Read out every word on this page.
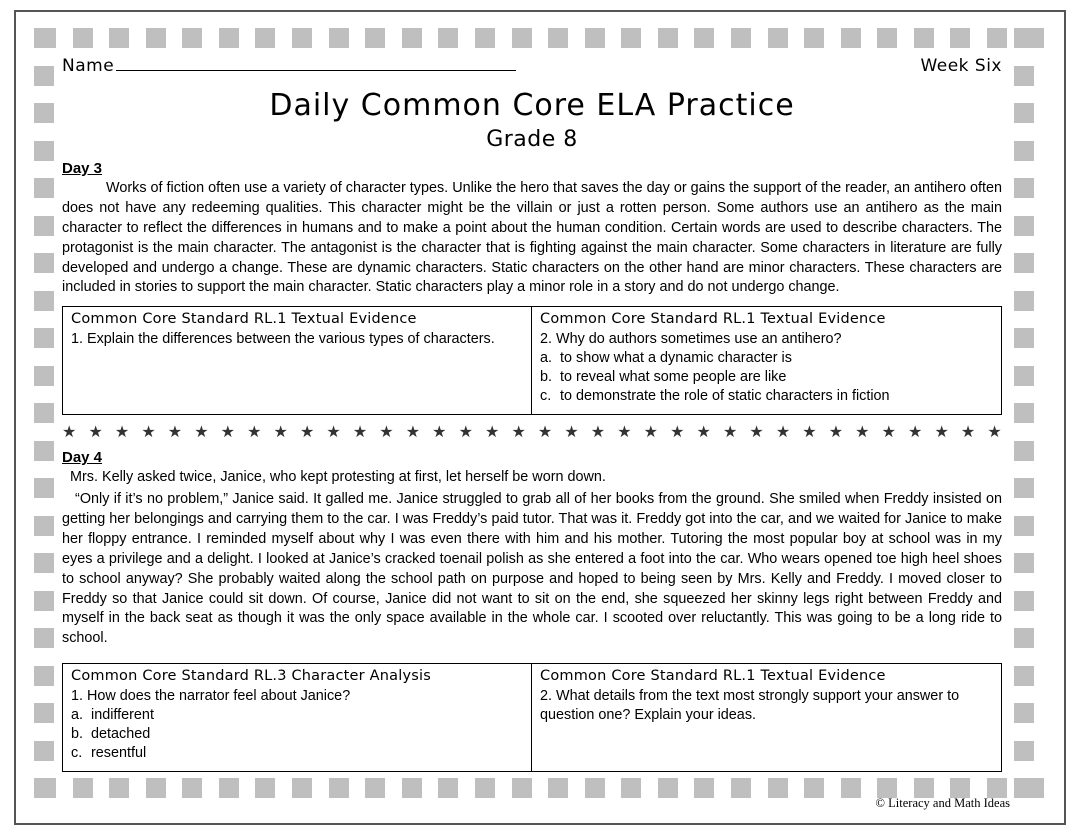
Name	Week Six
Daily Common Core ELA Practice
Grade 8
Day 3
Works of fiction often use a variety of character types. Unlike the hero that saves the day or gains the support of the reader, an antihero often does not have any redeeming qualities. This character might be the villain or just a rotten person. Some authors use an antihero as the main character to reflect the differences in humans and to make a point about the human condition. Certain words are used to describe characters. The protagonist is the main character. The antagonist is the character that is fighting against the main character. Some characters in literature are fully developed and undergo a change. These are dynamic characters. Static characters on the other hand are minor characters. These characters are included in stories to support the main character. Static characters play a minor role in a story and do not undergo change.
Common Core Standard RL.1 Textual Evidence
1. Explain the differences between the various types of characters.
Common Core Standard RL.1 Textual Evidence
2. Why do authors sometimes use an antihero?
a. to show what a dynamic character is
b. to reveal what some people are like
c. to demonstrate the role of static characters in fiction
★ ★ ★ ★ ★ ★ ★ ★ ★ ★ ★ ★ ★ ★ ★ ★ ★ ★ ★ ★ ★ ★ ★ ★ ★ ★ ★ ★ ★ ★ ★ ★ ★ ★ ★ ★
Day 4
Mrs. Kelly asked twice, Janice, who kept protesting at first, let herself be worn down.
“Only if it’s no problem,” Janice said. It galled me. Janice struggled to grab all of her books from the ground. She smiled when Freddy insisted on getting her belongings and carrying them to the car. I was Freddy’s paid tutor. That was it. Freddy got into the car, and we waited for Janice to make her floppy entrance. I reminded myself about why I was even there with him and his mother. Tutoring the most popular boy at school was in my eyes a privilege and a delight. I looked at Janice’s cracked toenail polish as she entered a foot into the car. Who wears opened toe high heel shoes to school anyway? She probably waited along the school path on purpose and hoped to being seen by Mrs. Kelly and Freddy. I moved closer to Freddy so that Janice could sit down. Of course, Janice did not want to sit on the end, she squeezed her skinny legs right between Freddy and myself in the back seat as though it was the only space available in the whole car. I scooted over reluctantly. This was going to be a long ride to school.
Common Core Standard RL.3 Character Analysis
1. How does the narrator feel about Janice?
a. indifferent
b. detached
c. resentful
Common Core Standard RL.1 Textual Evidence
2. What details from the text most strongly support your answer to question one? Explain your ideas.
© Literacy and Math Ideas
